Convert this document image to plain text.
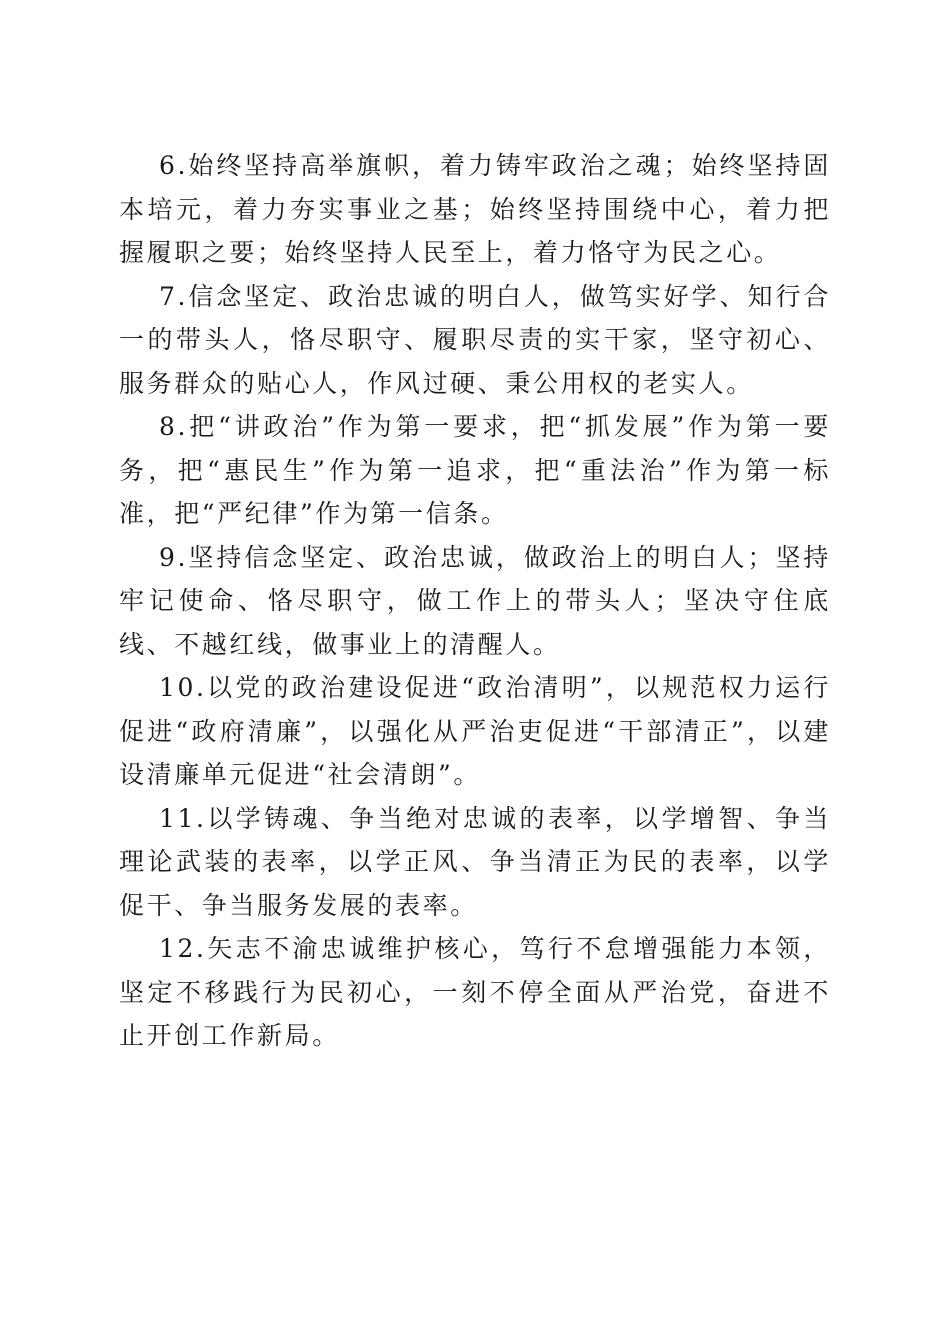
6.始终坚持高举旗帜，着力铸牢政治之魂；始终坚持固本培元，着力夯实事业之基；始终坚持围绕中心，着力把握履职之要；始终坚持人民至上，着力恪守为民之心。

7.信念坚定、政治忠诚的明白人，做笃实好学、知行合一的带头人，恪尽职守、履职尽责的实干家，坚守初心、服务群众的贴心人，作风过硬、秉公用权的老实人。

8.把“讲政治”作为第一要求，把“抓发展”作为第一要务，把“惠民生”作为第一追求，把“重法治”作为第一标准，把“严纪律”作为第一信条。

9.坚持信念坚定、政治忠诚，做政治上的明白人；坚持牢记使命、恪尽职守，做工作上的带头人；坚决守住底线、不越红线，做事业上的清醒人。

10.以党的政治建设促进“政治清明”，以规范权力运行促进“政府清廉”，以强化从严治吏促进“干部清正”，以建设清廉单元促进“社会清朗”。

11.以学铸魂、争当绝对忠诚的表率，以学增智、争当理论武装的表率，以学正风、争当清正为民的表率，以学促干、争当服务发展的表率。

12.矢志不渝忠诚维护核心，笃行不怠增强能力本领，坚定不移践行为民初心，一刻不停全面从严治党，奋进不止开创工作新局。
